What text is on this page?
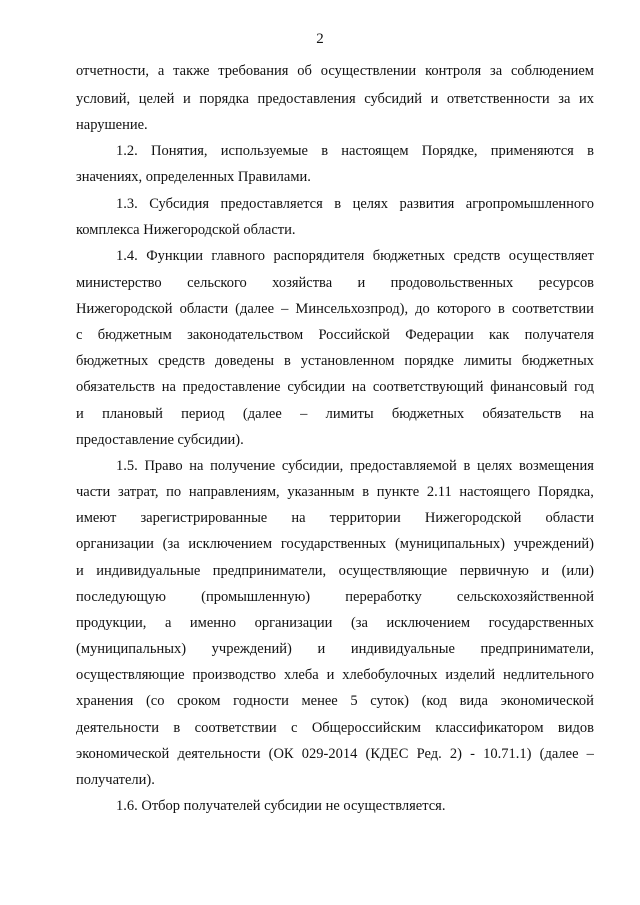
2
отчетности, а также требования об осуществлении контроля за соблюдением
условий, целей и порядка предоставления субсидий и ответственности за их
нарушение.
1.2. Понятия, используемые в настоящем Порядке, применяются в
значениях, определенных Правилами.
1.3. Субсидия предоставляется в целях развития агропромышленного
комплекса Нижегородской области.
1.4. Функции главного распорядителя бюджетных средств осуществляет
министерство сельского хозяйства и продовольственных ресурсов
Нижегородской области (далее – Минсельхозпрод), до которого в соответствии
с бюджетным законодательством Российской Федерации как получателя
бюджетных средств доведены в установленном порядке лимиты бюджетных
обязательств на предоставление субсидии на соответствующий финансовый год
и плановый период (далее – лимиты бюджетных обязательств на
предоставление субсидии).
1.5. Право на получение субсидии, предоставляемой в целях возмещения
части затрат, по направлениям, указанным в пункте 2.11 настоящего Порядка,
имеют зарегистрированные на территории Нижегородской области
организации (за исключением государственных (муниципальных) учреждений)
и индивидуальные предприниматели, осуществляющие первичную и (или)
последующую (промышленную) переработку сельскохозяйственной
продукции, а именно организации (за исключением государственных
(муниципальных) учреждений) и индивидуальные предприниматели,
осуществляющие производство хлеба и хлебобулочных изделий недлительного
хранения (со сроком годности менее 5 суток) (код вида экономической
деятельности в соответствии с Общероссийским классификатором видов
экономической деятельности (ОК 029-2014 (КДЕС Ред. 2) - 10.71.1) (далее –
получатели).
1.6. Отбор получателей субсидии не осуществляется.
